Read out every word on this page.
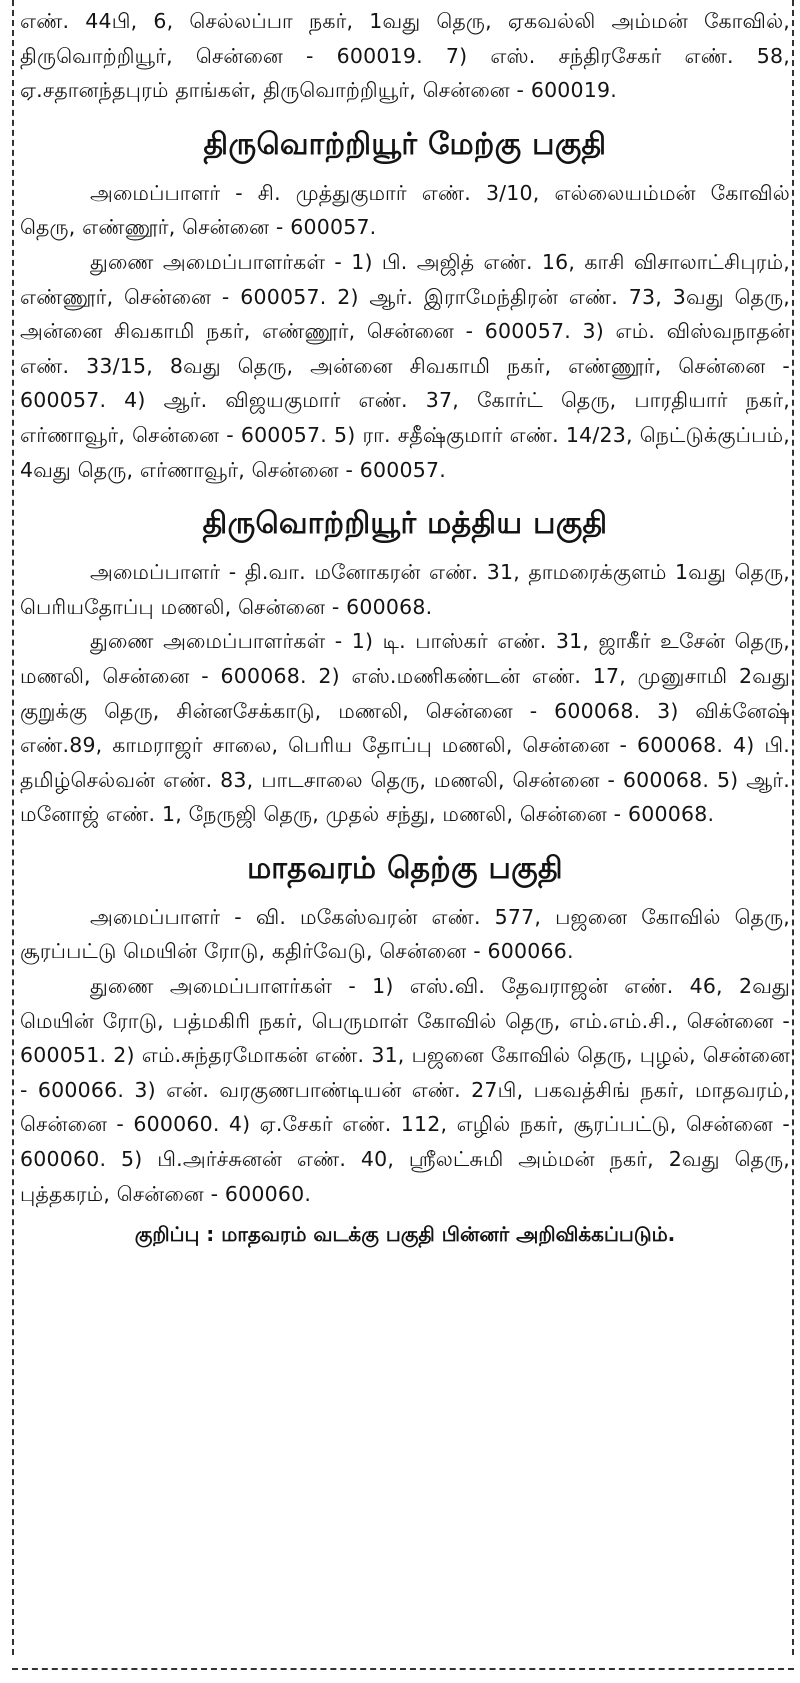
எண். 44பி, 6, செல்லப்பா நகர், 1வது தெரு, ஏகவல்லி அம்மன் கோவில், திருவொற்றியூர், சென்னை - 600019. 7) எஸ். சந்திரசேகர் எண். 58, ஏ.சதானந்தபுரம் தாங்கள், திருவொற்றியூர், சென்னை - 600019.

திருவொற்றியூர் மேற்கு பகுதி

அமைப்பாளர் - சி. முத்துகுமார் எண். 3/10, எல்லையம்மன் கோவில் தெரு, எண்ணூர், சென்னை - 600057.

துணை அமைப்பாளர்கள் - 1) பி. அஜித் எண். 16, காசி விசாலாட்சிபுரம், எண்ணூர், சென்னை - 600057. 2) ஆர். இராமேந்திரன் எண். 73, 3வது தெரு, அன்னை சிவகாமி நகர், எண்ணூர், சென்னை - 600057. 3) எம். விஸ்வநாதன் எண். 33/15, 8வது தெரு, அன்னை சிவகாமி நகர், எண்ணூர், சென்னை - 600057. 4) ஆர். விஜயகுமார் எண். 37, கோர்ட் தெரு, பாரதியார் நகர், எர்ணாவூர், சென்னை - 600057. 5) ரா. சதீஷ்குமார் எண். 14/23, நெட்டுக்குப்பம், 4வது தெரு, எர்ணாவூர், சென்னை - 600057.

திருவொற்றியூர் மத்திய பகுதி

அமைப்பாளர் - தி.வா. மனோகரன் எண். 31, தாமரைக்குளம் 1வது தெரு, பெரியதோப்பு மணலி, சென்னை - 600068.

துணை அமைப்பாளர்கள் - 1) டி. பாஸ்கர் எண். 31, ஜாகீர் உசேன் தெரு, மணலி, சென்னை - 600068. 2) எஸ்.மணிகண்டன் எண். 17, முனுசாமி 2வது குறுக்கு தெரு, சின்னசேக்காடு, மணலி, சென்னை - 600068. 3) விக்னேஷ் எண்.89, காமராஜர் சாலை, பெரிய தோப்பு மணலி, சென்னை - 600068. 4) பி. தமிழ்செல்வன் எண். 83, பாடசாலை தெரு, மணலி, சென்னை - 600068. 5) ஆர். மனோஜ் எண். 1, நேருஜி தெரு, முதல் சந்து, மணலி, சென்னை - 600068.

மாதவரம் தெற்கு பகுதி

அமைப்பாளர் - வி. மகேஸ்வரன் எண். 577, பஜனை கோவில் தெரு, சூரப்பட்டு மெயின் ரோடு, கதிர்வேடு, சென்னை - 600066.

துணை அமைப்பாளர்கள் - 1) எஸ்.வி. தேவராஜன் எண். 46, 2வது மெயின் ரோடு, பத்மகிரி நகர், பெருமாள் கோவில் தெரு, எம்.எம்.சி., சென்னை - 600051. 2) எம்.சுந்தரமோகன் எண். 31, பஜனை கோவில் தெரு, புழல், சென்னை - 600066. 3) என். வரகுணபாண்டியன் எண். 27பி, பகவத்சிங் நகர், மாதவரம், சென்னை - 600060. 4) ஏ.சேகர் எண். 112, எழில் நகர், சூரப்பட்டு, சென்னை - 600060. 5) பி.அர்ச்சுனன் எண். 40, ஸ்ரீலட்சுமி அம்மன் நகர், 2வது தெரு, புத்தகரம், சென்னை - 600060.

குறிப்பு : மாதவரம் வடக்கு பகுதி பின்னர் அறிவிக்கப்படும்.
